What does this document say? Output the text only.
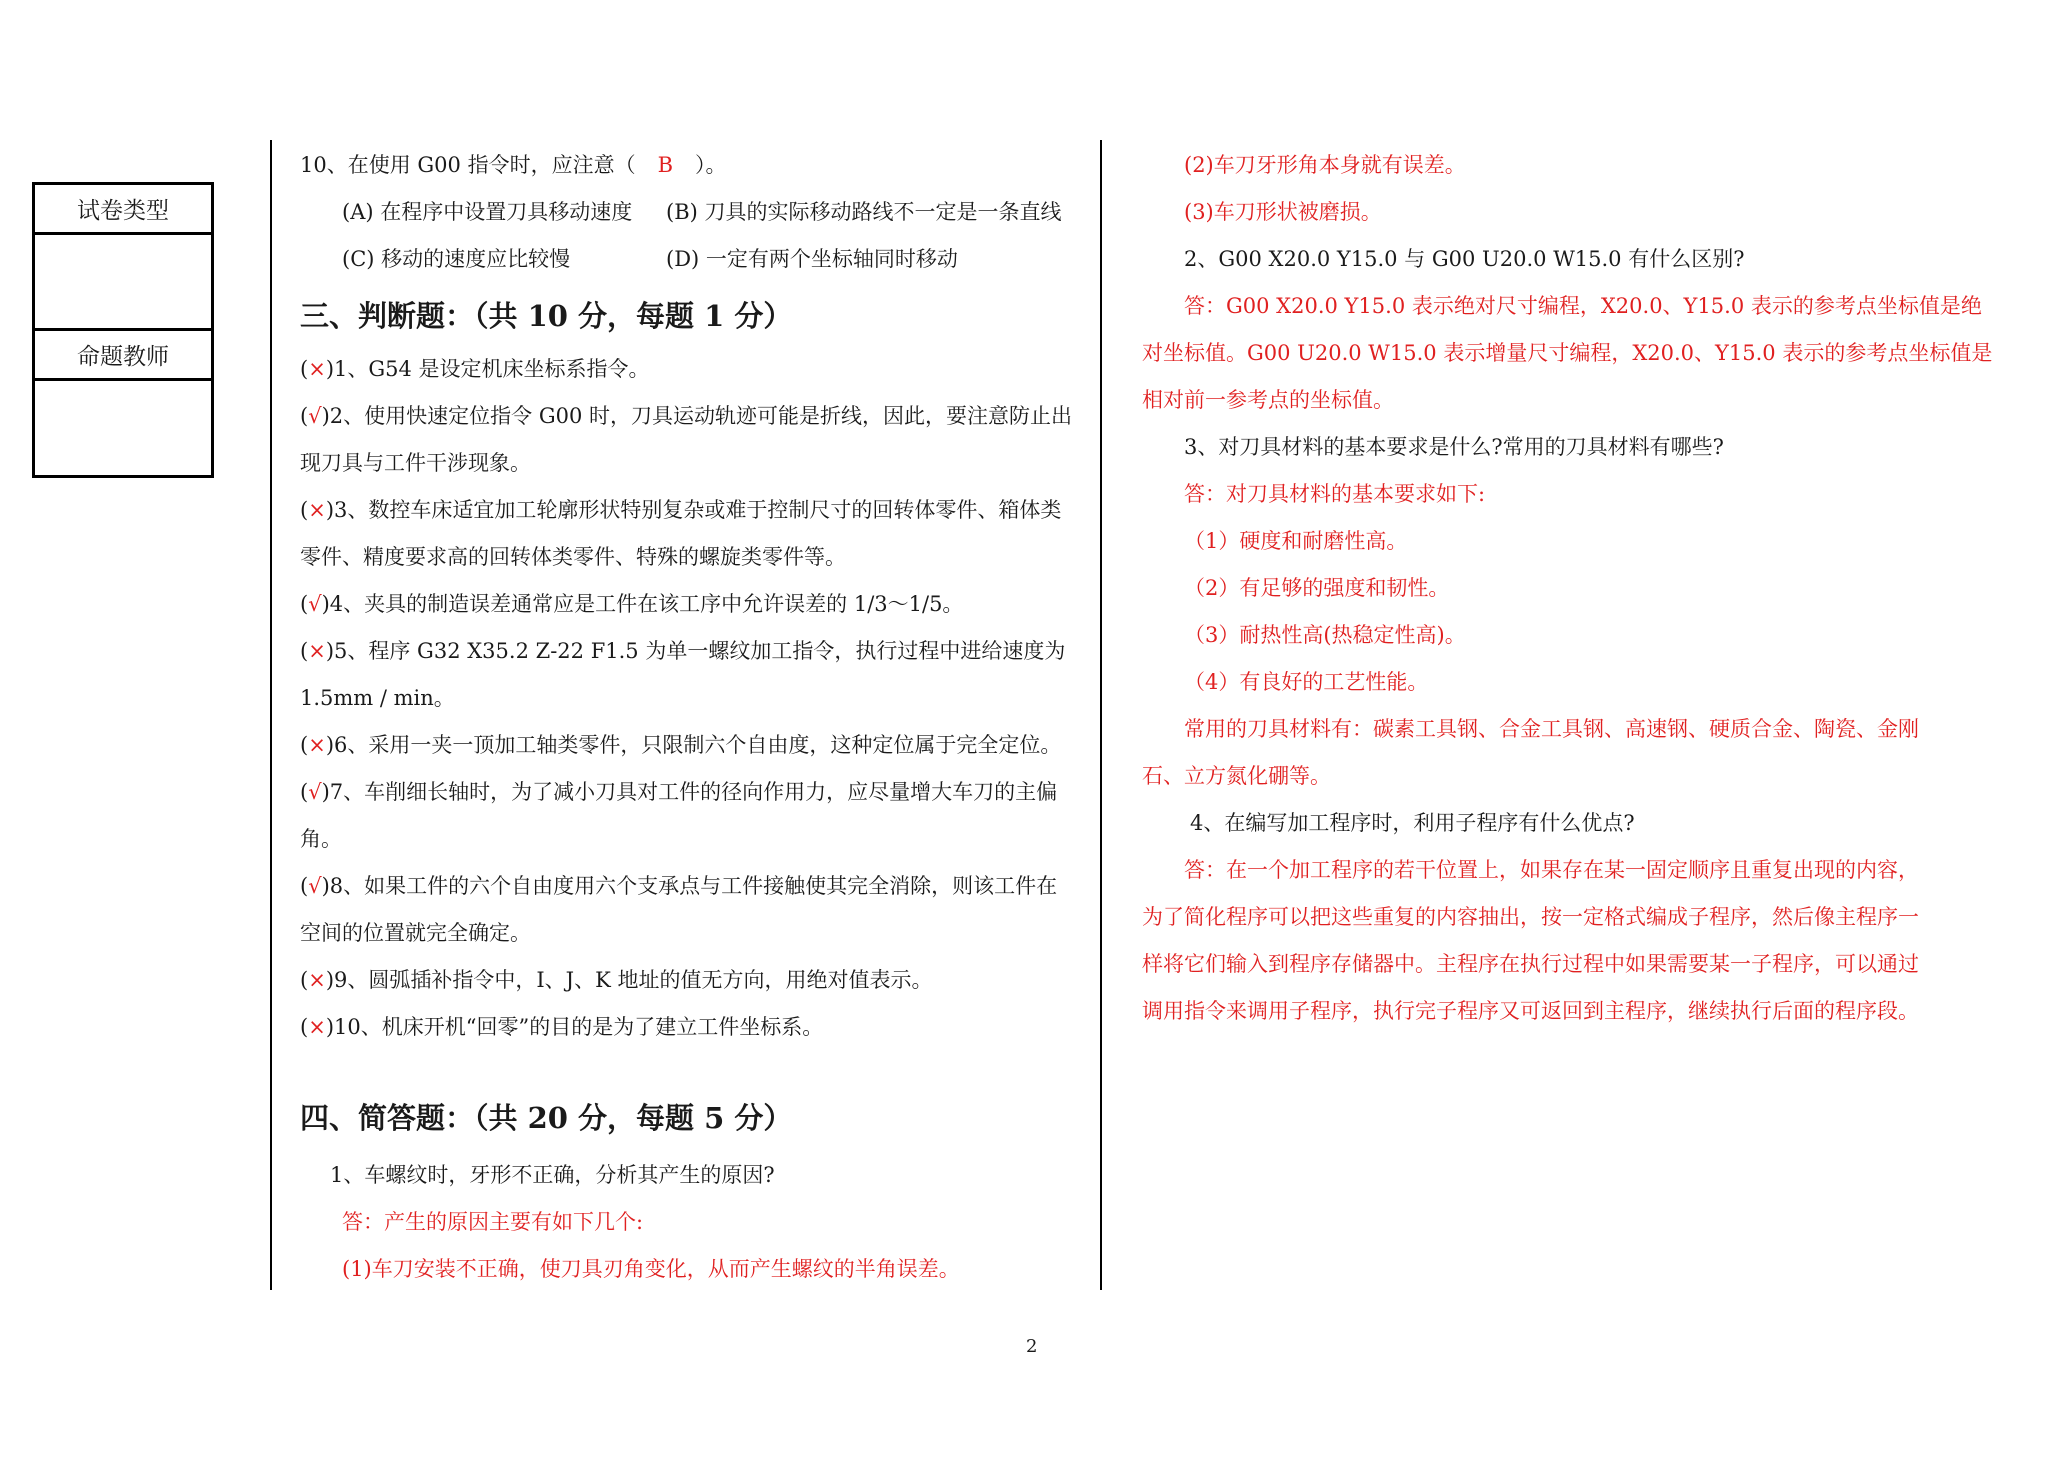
试卷类型
命题教师
10、在使用 G00 指令时，应注意（ B ）。
(A) 在程序中设置刀具移动速度 (B) 刀具的实际移动路线不一定是一条直线
(C) 移动的速度应比较慢	(D) 一定有两个坐标轴同时移动
三、判断题：（共 10 分，每题 1 分）
(×)1、G54 是设定机床坐标系指令。
(√)2、使用快速定位指令 G00 时，刀具运动轨迹可能是折线，因此，要注意防止出
现刀具与工件干涉现象。
(×)3、数控车床适宜加工轮廓形状特别复杂或难于控制尺寸的回转体零件、箱体类
零件、精度要求高的回转体类零件、特殊的螺旋类零件等。
(√)4、夹具的制造误差通常应是工件在该工序中允许误差的 1/3～1/5。
(×)5、程序 G32 X35.2 Z-22 F1.5 为单一螺纹加工指令，执行过程中进给速度为
1.5mm / min。
(×)6、采用一夹一顶加工轴类零件，只限制六个自由度，这种定位属于完全定位。
(√)7、车削细长轴时，为了减小刀具对工件的径向作用力，应尽量增大车刀的主偏
角。
(√)8、如果工件的六个自由度用六个支承点与工件接触使其完全消除，则该工件在
空间的位置就完全确定。
(×)9、圆弧插补指令中，I、J、K 地址的值无方向，用绝对值表示。
(×)10、机床开机“回零”的目的是为了建立工件坐标系。
四、简答题：（共 20 分，每题 5 分）
1、车螺纹时，牙形不正确，分析其产生的原因?
答：产生的原因主要有如下几个:
(1)车刀安装不正确，使刀具刃角变化，从而产生螺纹的半角误差。
(2)车刀牙形角本身就有误差。
(3)车刀形状被磨损。
2、G00 X20.0 Y15.0 与 G00 U20.0 W15.0 有什么区别?
答：G00 X20.0 Y15.0 表示绝对尺寸编程，X20.0、Y15.0 表示的参考点坐标值是绝
对坐标值。G00 U20.0 W15.0 表示增量尺寸编程，X20.0、Y15.0 表示的参考点坐标值是
相对前一参考点的坐标值。
3、对刀具材料的基本要求是什么?常用的刀具材料有哪些?
答：对刀具材料的基本要求如下:
（1）硬度和耐磨性高。
（2）有足够的强度和韧性。
（3）耐热性高(热稳定性高)。
（4）有良好的工艺性能。
常用的刀具材料有：碳素工具钢、合金工具钢、高速钢、硬质合金、陶瓷、金刚
石、立方氮化硼等。
4、在编写加工程序时，利用子程序有什么优点?
答：在一个加工程序的若干位置上，如果存在某一固定顺序且重复出现的内容，
为了简化程序可以把这些重复的内容抽出，按一定格式编成子程序，然后像主程序一
样将它们输入到程序存储器中。主程序在执行过程中如果需要某一子程序，可以通过
调用指令来调用子程序，执行完子程序又可返回到主程序，继续执行后面的程序段。
2
